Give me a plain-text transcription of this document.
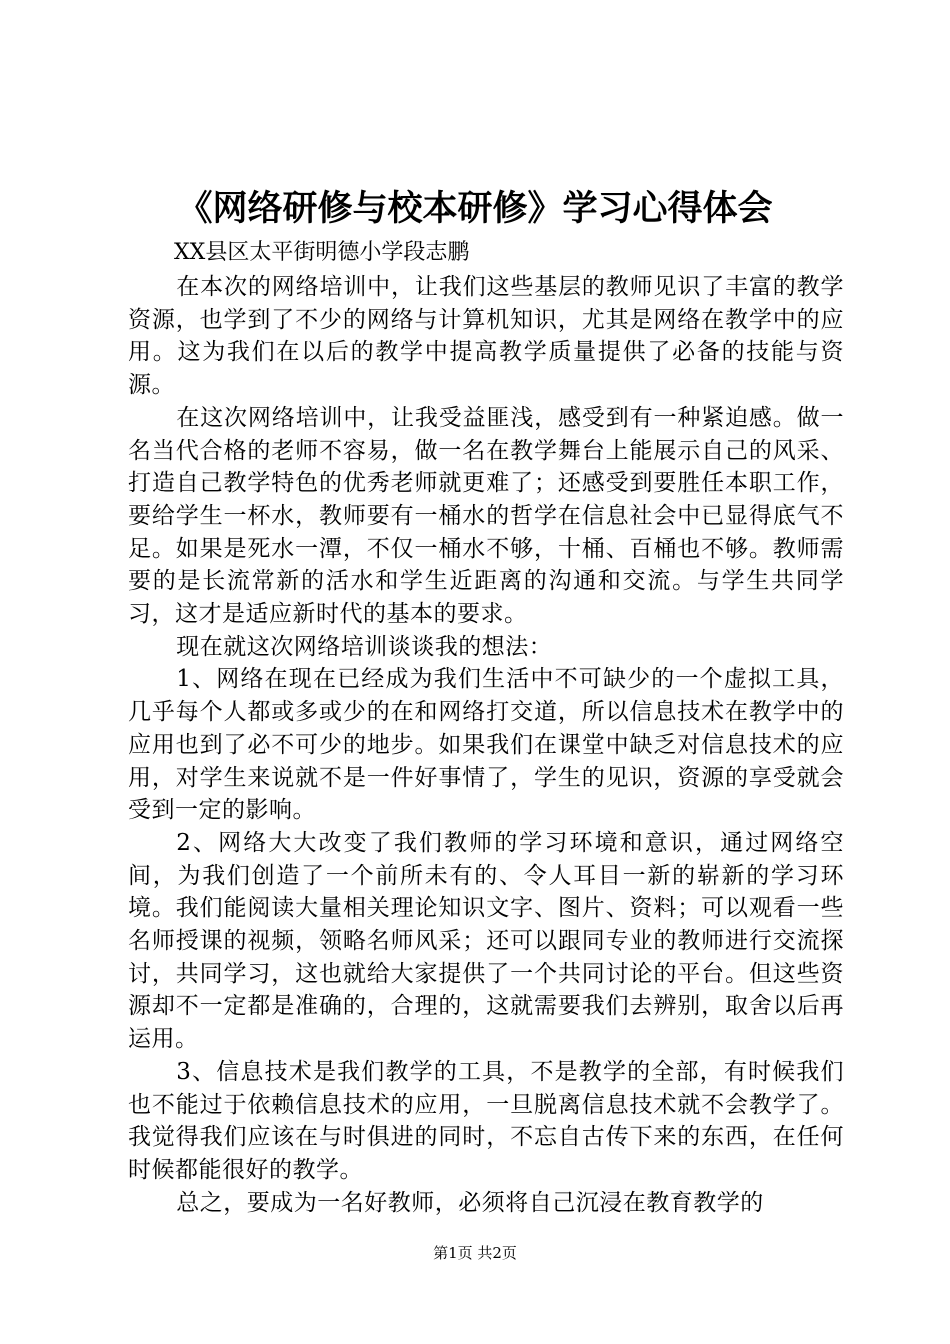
《网络研修与校本研修》学习心得体会
XX县区太平街明德小学段志鹏

在本次的网络培训中，让我们这些基层的教师见识了丰富的教学资源，也学到了不少的网络与计算机知识，尤其是网络在教学中的应用。这为我们在以后的教学中提高教学质量提供了必备的技能与资源。

在这次网络培训中，让我受益匪浅，感受到有一种紧迫感。做一名当代合格的老师不容易，做一名在教学舞台上能展示自己的风采、打造自己教学特色的优秀老师就更难了；还感受到要胜任本职工作，要给学生一杯水，教师要有一桶水的哲学在信息社会中已显得底气不足。如果是死水一潭，不仅一桶水不够，十桶、百桶也不够。教师需要的是长流常新的活水和学生近距离的沟通和交流。与学生共同学习，这才是适应新时代的基本的要求。

现在就这次网络培训谈谈我的想法：

1、网络在现在已经成为我们生活中不可缺少的一个虚拟工具，几乎每个人都或多或少的在和网络打交道，所以信息技术在教学中的应用也到了必不可少的地步。如果我们在课堂中缺乏对信息技术的应用，对学生来说就不是一件好事情了，学生的见识，资源的享受就会受到一定的影响。

2、网络大大改变了我们教师的学习环境和意识，通过网络空间，为我们创造了一个前所未有的、令人耳目一新的崭新的学习环境。我们能阅读大量相关理论知识文字、图片、资料；可以观看一些名师授课的视频，领略名师风采；还可以跟同专业的教师进行交流探讨，共同学习，这也就给大家提供了一个共同讨论的平台。但这些资源却不一定都是准确的，合理的，这就需要我们去辨别，取舍以后再运用。

3、信息技术是我们教学的工具，不是教学的全部，有时候我们也不能过于依赖信息技术的应用，一旦脱离信息技术就不会教学了。我觉得我们应该在与时俱进的同时，不忘自古传下来的东西，在任何时候都能很好的教学。

总之，要成为一名好教师，必须将自己沉浸在教育教学的

第1页 共2页
